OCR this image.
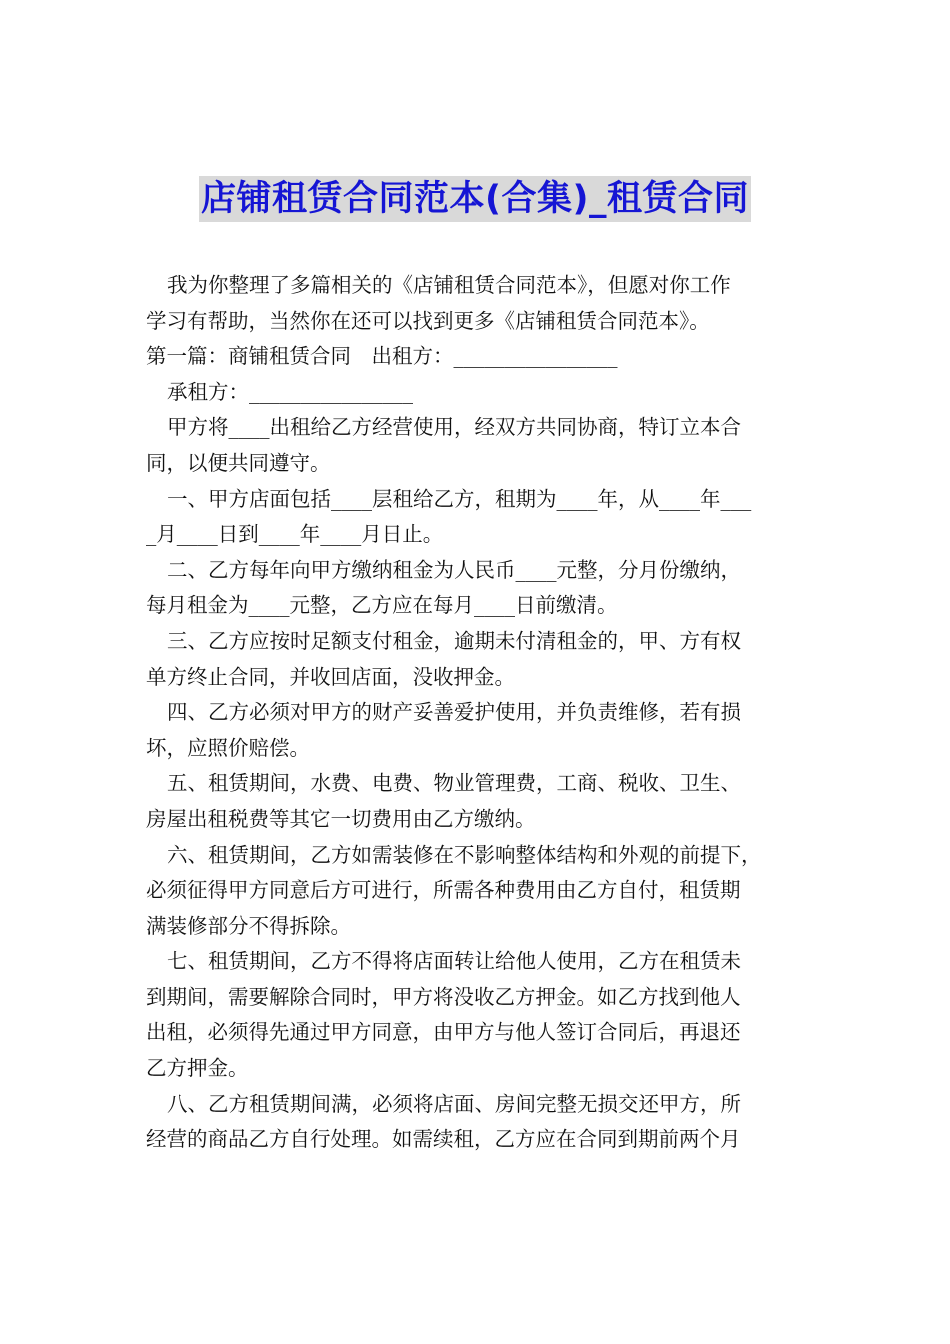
店铺租赁合同范本(合集)_租赁合同
我为你整理了多篇相关的《店铺租赁合同范本》，但愿对你工作
学习有帮助，当然你在还可以找到更多《店铺租赁合同范本》。
第一篇：商铺租赁合同　出租方：________________
承租方：________________
甲方将____出租给乙方经营使用，经双方共同协商，特订立本合
同，以便共同遵守。
一、甲方店面包括____层租给乙方，租期为____年，从____年___
_月____日到____年____月日止。
二、乙方每年向甲方缴纳租金为人民币____元整，分月份缴纳，
每月租金为____元整，乙方应在每月____日前缴清。
三、乙方应按时足额支付租金，逾期未付清租金的，甲、方有权
单方终止合同，并收回店面，没收押金。
四、乙方必须对甲方的财产妥善爱护使用，并负责维修，若有损
坏，应照价赔偿。
五、租赁期间，水费、电费、物业管理费，工商、税收、卫生、
房屋出租税费等其它一切费用由乙方缴纳。
六、租赁期间，乙方如需装修在不影响整体结构和外观的前提下，
必须征得甲方同意后方可进行，所需各种费用由乙方自付，租赁期
满装修部分不得拆除。
七、租赁期间，乙方不得将店面转让给他人使用，乙方在租赁未
到期间，需要解除合同时，甲方将没收乙方押金。如乙方找到他人
出租，必须得先通过甲方同意，由甲方与他人签订合同后，再退还
乙方押金。
八、乙方租赁期间满，必须将店面、房间完整无损交还甲方，所
经营的商品乙方自行处理。如需续租，乙方应在合同到期前两个月
